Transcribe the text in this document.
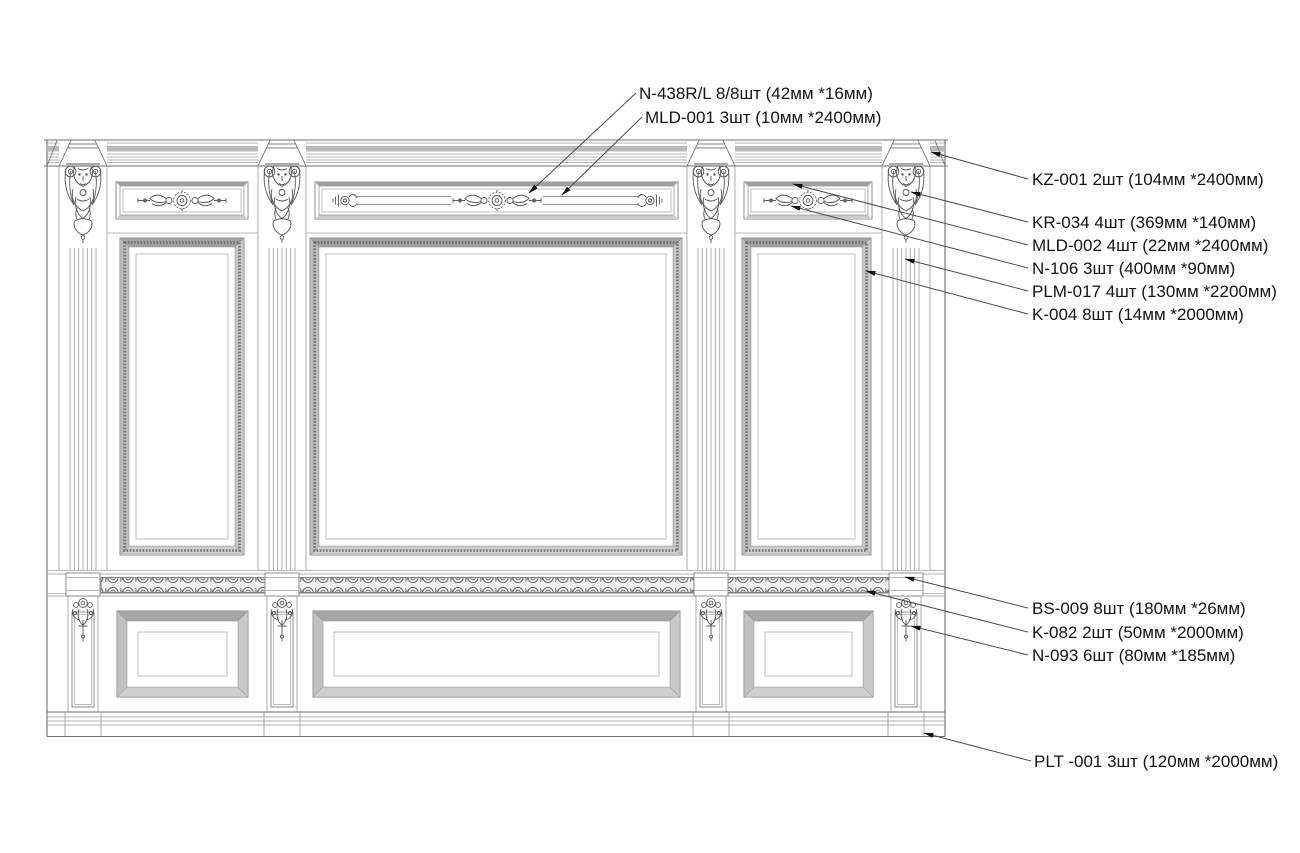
N-438R/L 8/8шт (42мм *16мм)
MLD-001 3шт (10мм *2400мм)
KZ-001 2шт (104мм *2400мм)
KR-034 4шт (369мм *140мм)
MLD-002 4шт (22мм *2400мм)
N-106 3шт (400мм *90мм)
PLM-017 4шт (130мм *2200мм)
K-004 8шт (14мм *2000мм)
BS-009 8шт (180мм *26мм)
K-082 2шт (50мм *2000мм)
N-093 6шт (80мм *185мм)
PLT -001 3шт (120мм *2000мм)
